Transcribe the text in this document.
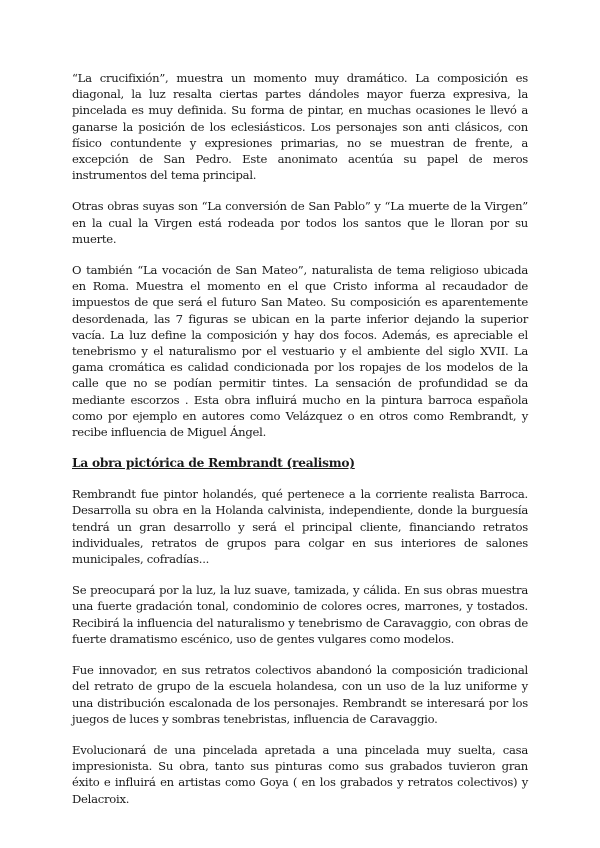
“La crucifixión”, muestra un momento muy dramático. La composición es diagonal, la luz resalta ciertas partes dándoles mayor fuerza expresiva, la pincelada es muy definida. Su forma de pintar, en muchas ocasiones le llevó a ganarse la posición de los eclesiásticos. Los personajes son anti clásicos, con físico contundente y expresiones primarias, no se muestran de frente, a excepción de San Pedro. Este anonimato acentúa su papel de meros instrumentos del tema principal.

Otras obras suyas son “La conversión de San Pablo” y “La muerte de la Virgen” en la cual la Virgen está rodeada por todos los santos que le lloran por su muerte.

O también “La vocación de San Mateo”, naturalista de tema religioso ubicada en Roma. Muestra el momento en el que Cristo informa al recaudador de impuestos de que será el futuro San Mateo. Su composición es aparentemente desordenada, las 7 figuras se ubican en la parte inferior dejando la superior vacía. La luz define la composición y hay dos focos. Además, es apreciable el tenebrismo y el naturalismo por el vestuario y el ambiente del siglo XVII. La gama cromática es calidad condicionada por los ropajes de los modelos de la calle que no se podían permitir tintes. La sensación de profundidad se da mediante escorzos . Esta obra influirá mucho en la pintura barroca española como por ejemplo en autores como Velázquez o en otros como Rembrandt, y recibe influencia de Miguel Ángel.

La obra pictórica de Rembrandt (realismo)

Rembrandt fue pintor holandés, qué pertenece a la corriente realista Barroca. Desarrolla su obra en la Holanda calvinista, independiente, donde la burguesía tendrá un gran desarrollo y será el principal cliente, financiando retratos individuales, retratos de grupos para colgar en sus interiores de salones municipales, cofradías...

Se preocupará por la luz, la luz suave, tamizada, y cálida. En sus obras muestra una fuerte gradación tonal, condominio de colores ocres, marrones, y tostados. Recibirá la influencia del naturalismo y tenebrismo de Caravaggio, con obras de fuerte dramatismo escénico, uso de gentes vulgares como modelos.

Fue innovador, en sus retratos colectivos abandonó la composición tradicional del retrato de grupo de la escuela holandesa, con un uso de la luz uniforme y una distribución escalonada de los personajes. Rembrandt se interesará por los juegos de luces y sombras tenebristas, influencia de Caravaggio.

Evolucionará de una pincelada apretada a una pincelada muy suelta, casa impresionista. Su obra, tanto sus pinturas como sus grabados tuvieron gran éxito e influirá en artistas como Goya ( en los grabados y retratos colectivos) y Delacroix.
